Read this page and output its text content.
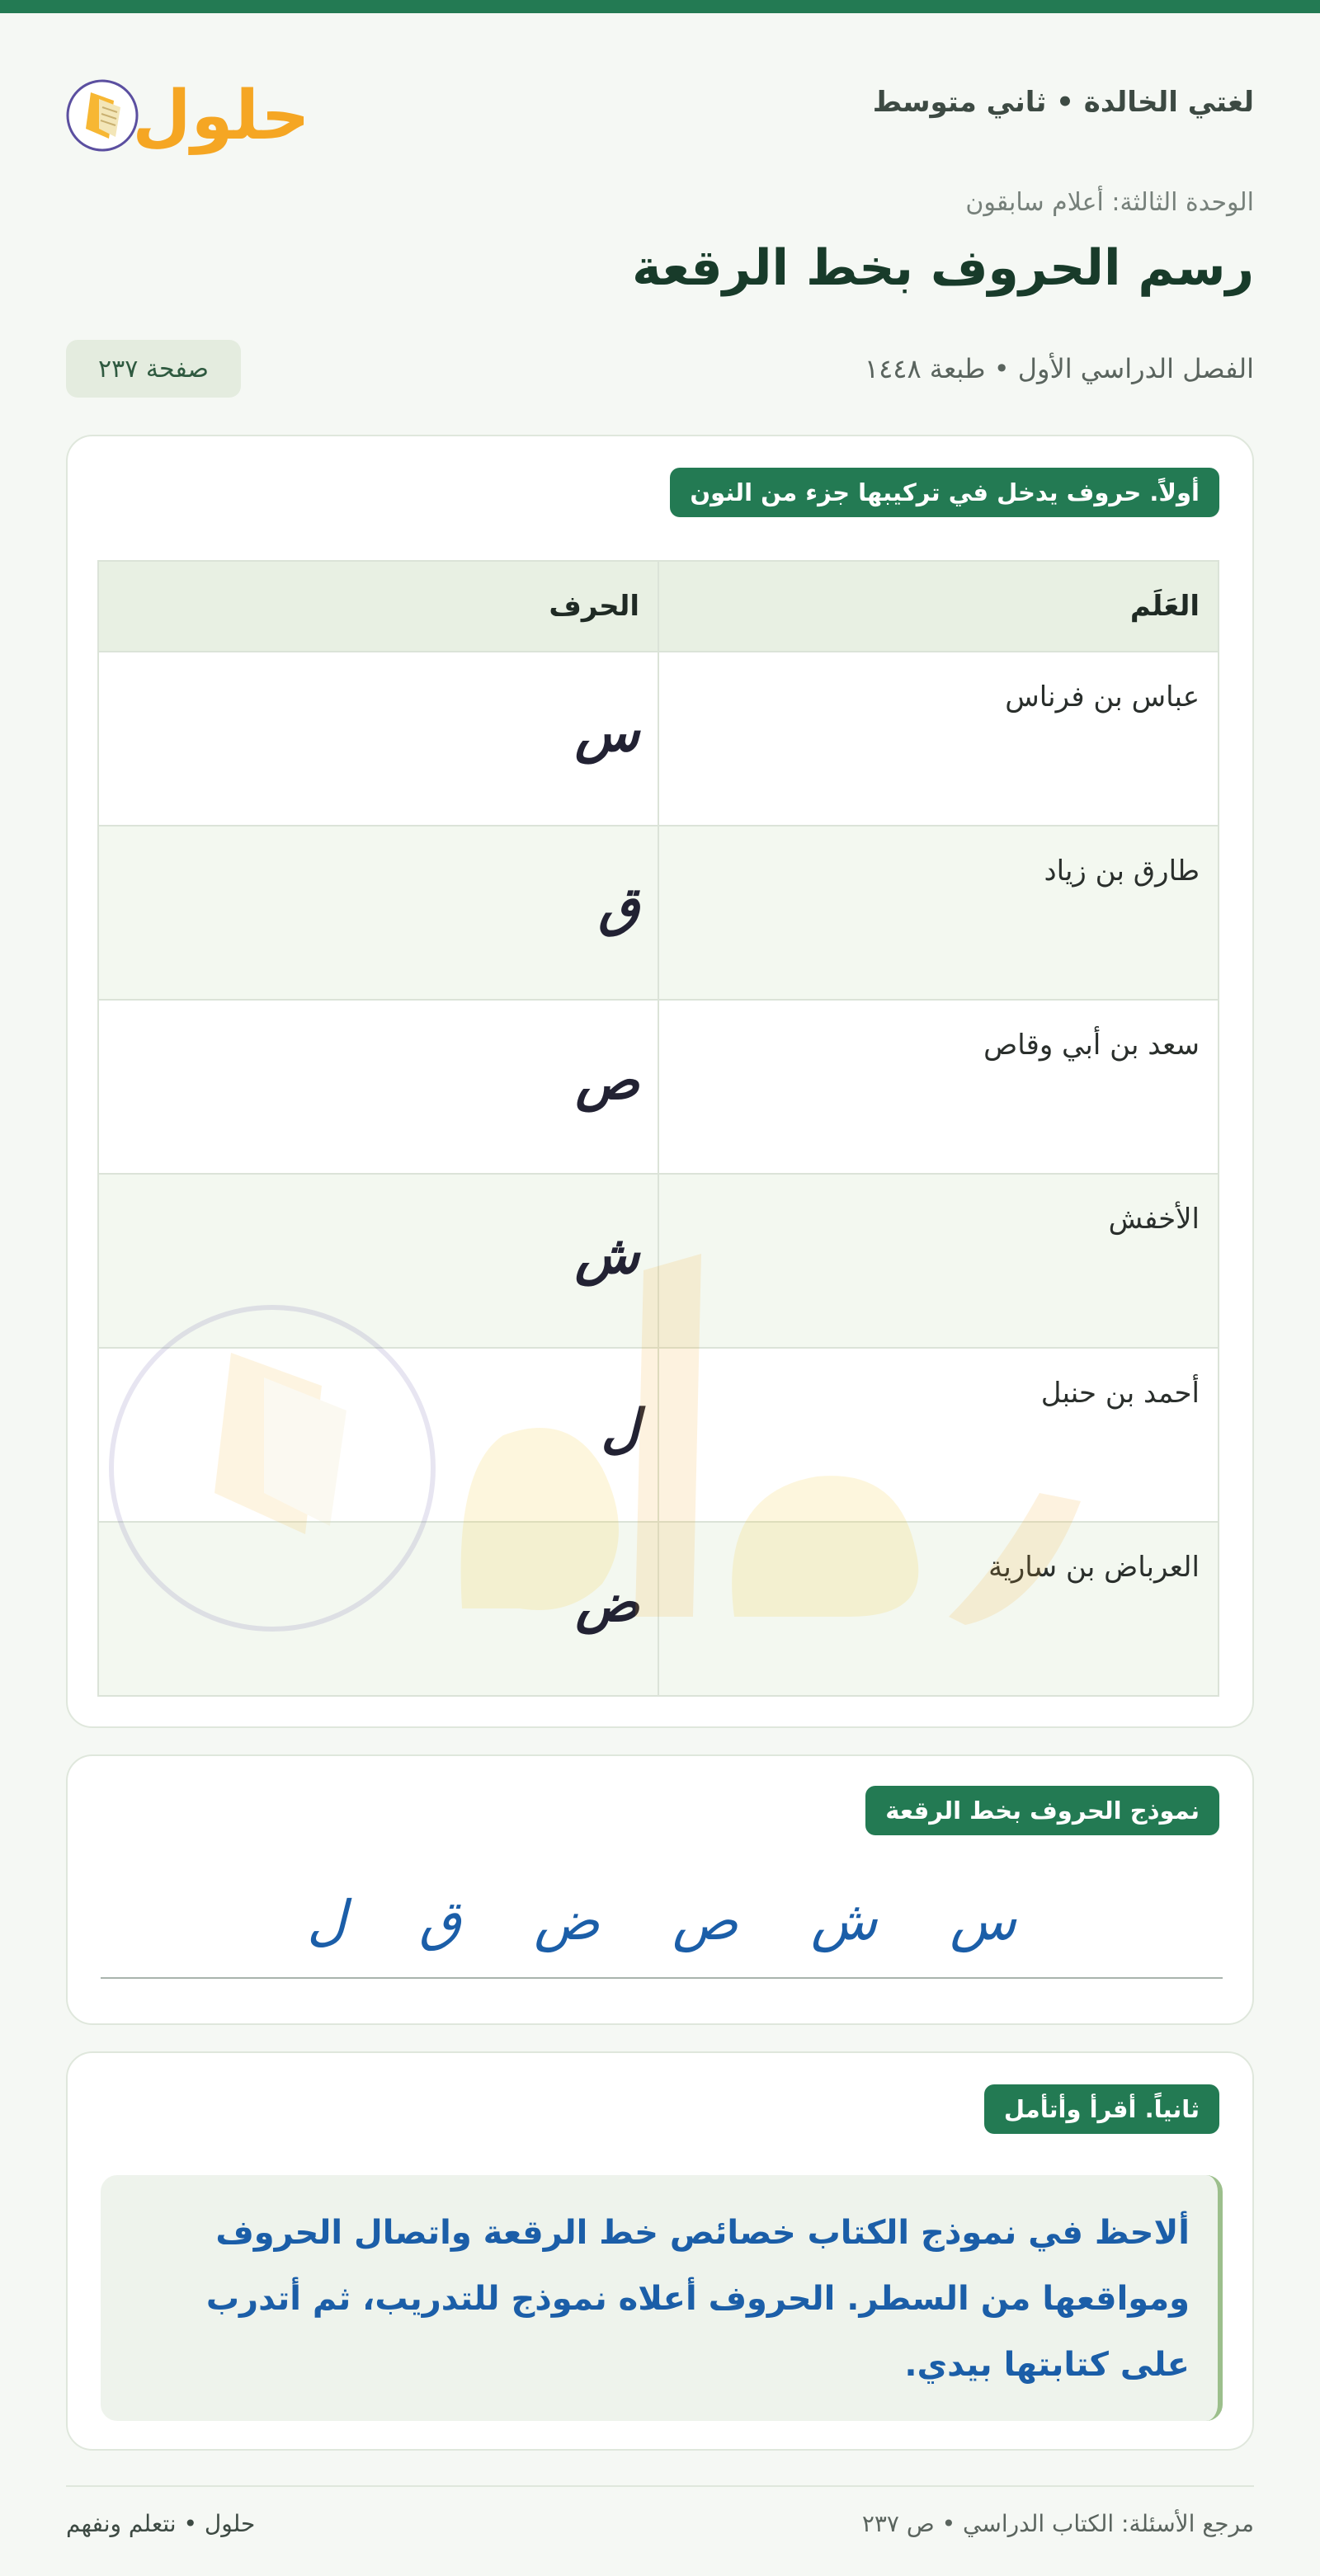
لغتي الخالدة • ثاني متوسط
حلول
الوحدة الثالثة: أعلام سابقون
رسم الحروف بخط الرقعة
الفصل الدراسي الأول • طبعة ١٤٤٨
صفحة ٢٣٧
أولاً. حروف يدخل في تركيبها جزء من النون
العَلَم	الحرف
عباس بن فرناس	س
طارق بن زياد	ق
سعد بن أبي وقاص	ص
الأخفش	ش
أحمد بن حنبل	ل
العرباض بن سارية	ض
نموذج الحروف بخط الرقعة
س
ش
ص
ض
ق
ل
ثانياً. أقرأ وأتأمل
ألاحظ في نموذج الكتاب خصائص خط الرقعة واتصال الحروف ومواقعها من السطر. الحروف أعلاه نموذج للتدريب، ثم أتدرب على كتابتها بيدي.
مرجع الأسئلة: الكتاب الدراسي • ص ٢٣٧
حلول • نتعلم ونفهم
